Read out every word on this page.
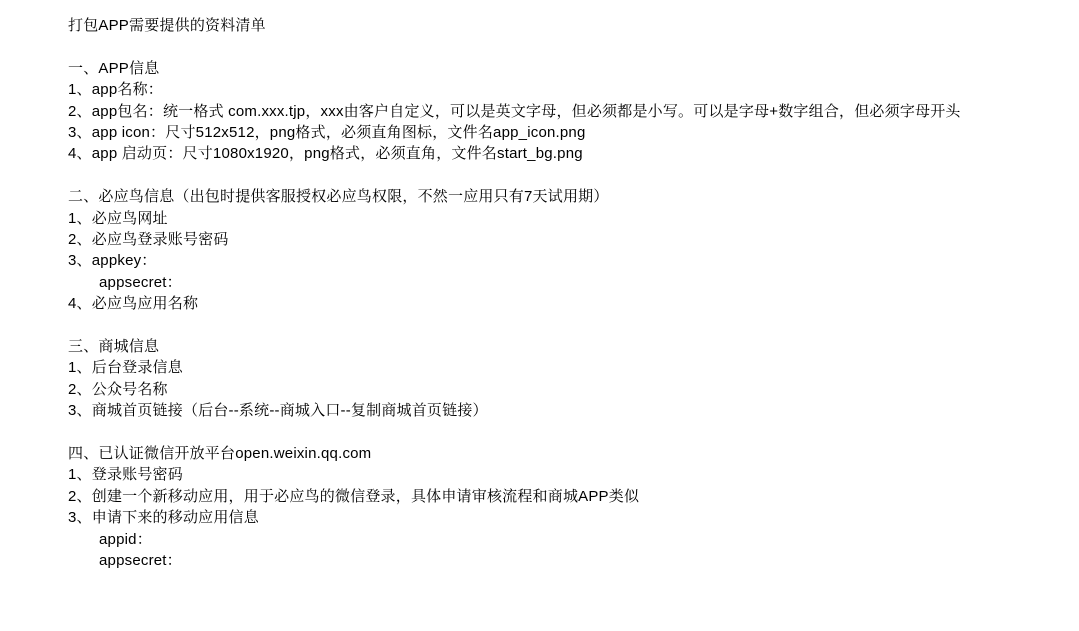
打包APP需要提供的资料清单
一、APP信息
1、app名称：
2、app包名：统一格式 com.xxx.tjp，xxx由客户自定义，可以是英文字母，但必须都是小写。可以是字母+数字组合，但必须字母开头
3、app icon：尺寸512x512，png格式，必须直角图标，文件名app_icon.png
4、app 启动页：尺寸1080x1920，png格式，必须直角，文件名start_bg.png
二、必应鸟信息（出包时提供客服授权必应鸟权限，不然一应用只有7天试用期）
1、必应鸟网址
2、必应鸟登录账号密码
3、appkey：
appsecret：
4、必应鸟应用名称
三、商城信息
1、后台登录信息
2、公众号名称
3、商城首页链接（后台--系统--商城入口--复制商城首页链接）
四、已认证微信开放平台open.weixin.qq.com
1、登录账号密码
2、创建一个新移动应用，用于必应鸟的微信登录，具体申请审核流程和商城APP类似
3、申请下来的移动应用信息
appid：
appsecret：
